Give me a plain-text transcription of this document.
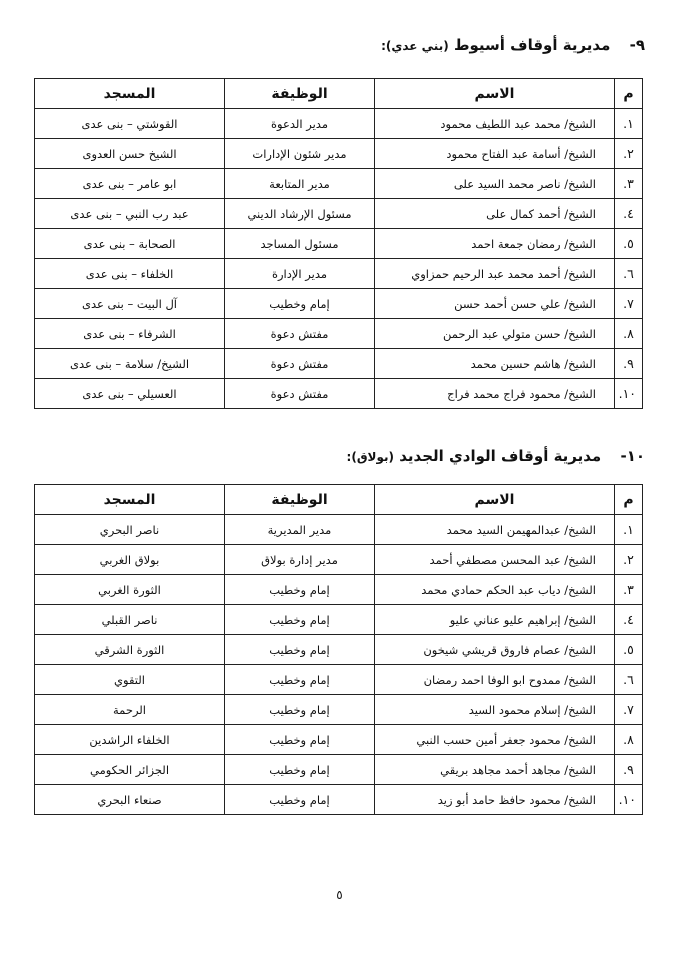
٩- مديرية أوقاف أسيوط (بني عدي):
م	الاسم	الوظيفة	المسجد
١.	الشيخ/ محمد عبد اللطيف محمود	مدير الدعوة	القوشتي – بنى عدى
٢.	الشيخ/ أسامة عبد الفتاح محمود	مدير شئون الإدارات	الشيخ حسن العدوى
٣.	الشيخ/ ناصر محمد السيد على	مدير المتابعة	ابو عامر – بنى عدى
٤.	الشيخ/ أحمد كمال على	مسئول الإرشاد الديني	عبد رب النبي – بنى عدى
٥.	الشيخ/ رمضان جمعة احمد	مسئول المساجد	الصحابة – بنى عدى
٦.	الشيخ/ أحمد محمد عبد الرحيم حمزاوي	مدير الإدارة	الخلفاء – بنى عدى
٧.	الشيخ/ علي حسن أحمد حسن	إمام وخطيب	آل البيت – بنى عدى
٨.	الشيخ/ حسن متولي عبد الرحمن	مفتش دعوة	الشرفاء – بنى عدى
٩.	الشيخ/ هاشم حسين محمد	مفتش دعوة	الشيخ/ سلامة – بنى عدى
١٠.	الشيخ/ محمود فراج محمد فراج	مفتش دعوة	العسيلي – بنى عدى
١٠- مديرية أوقاف الوادي الجديد (بولاق):
م	الاسم	الوظيفة	المسجد
١.	الشيخ/ عبدالمهيمن السيد محمد	مدير المديرية	ناصر البحري
٢.	الشيخ/ عبد المحسن مصطفي أحمد	مدير إدارة بولاق	بولاق الغربي
٣.	الشيخ/ دياب عبد الحكم حمادي محمد	إمام وخطيب	الثورة الغربي
٤.	الشيخ/ إبراهيم عليو عناني عليو	إمام وخطيب	ناصر القبلي
٥.	الشيخ/ عصام فاروق قريشي شيخون	إمام وخطيب	الثورة الشرقي
٦.	الشيخ/ ممدوح ابو الوفا احمد رمضان	إمام وخطيب	التقوي
٧.	الشيخ/ إسلام محمود السيد	إمام وخطيب	الرحمة
٨.	الشيخ/ محمود جعفر أمين حسب النبي	إمام وخطيب	الخلفاء الراشدين
٩.	الشيخ/ مجاهد أحمد مجاهد بريقي	إمام وخطيب	الجزائر الحكومي
١٠.	الشيخ/ محمود حافظ حامد أبو زيد	إمام وخطيب	صنعاء البحري
٥
